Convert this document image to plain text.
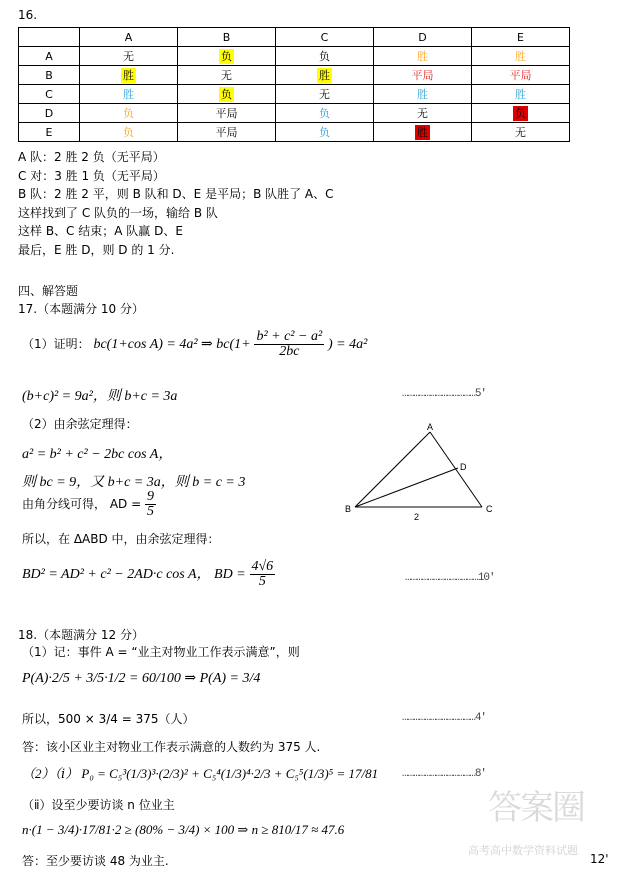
16.
	A	B	C	D	E
A	无	负	负	胜	胜
B	胜	无	胜	平局	平局
C	胜	负	无	胜	胜
D	负	平局	负	无	负
E	负	平局	负	胜	无
A 队：2 胜 2 负（无平局）
C 对：3 胜 1 负（无平局）
B 队：2 胜 2 平，则 B 队和 D、E 是平局；B 队胜了 A、C
这样找到了 C 队负的一场，输给 B 队
这样 B、C 结束；A 队赢 D、E
最后，E 胜 D，则 D 的 1 分.
四、解答题
17.（本题满分 10 分）
（1）证明： bc(1+cos A) = 4a² ⇒ $bc(1+ \frac{\text{b² + c² − a²}}{2bc}$ ) = 4a²
(b+c)² = 9a²，则 b+c = 3a	…………………………………5'
（2）由余弦定理得：
a² = b² + c² − 2bc cos A，
则 bc = 9，又 b+c = 3a，则 b = c = 3
由角分线可得， AD = $\frac{9}{5}$
所以，在 ΔABD 中，由余弦定理得：
BD² = AD² + c² − 2AD·c cos A， BD = $\frac{4√6}{5}$	…………………………………10'
A
D
B	C
2
18.（本题满分 12 分）
（1）记：事件 A = “业主对物业工作表示满意”，则
P(A)·2/5 + 3/5·1/2 = 60/100 ⇒ P(A) = 3/4
所以，500 × 3/4 = 375（人）	…………………………………4'
答：该小区业主对物业工作表示满意的人数约为 375 人.
（2）（ⅰ） P₀ = C₅³(1/3)³·(2/3)² + C₅⁴(1/3)⁴·2/3 + C₅⁵(1/3)⁵ = 17/81 …………………………………8'
（ⅱ）设至少要访谈 n 位业主
n·(1 − 3/4)·17/81·2 ≥ (80% − 3/4) × 100 ⇒ n ≥ 810/17 ≈ 47.6
答：至少要访谈 48 为业主.	12'
答案圈
高考高中数学资料试题
